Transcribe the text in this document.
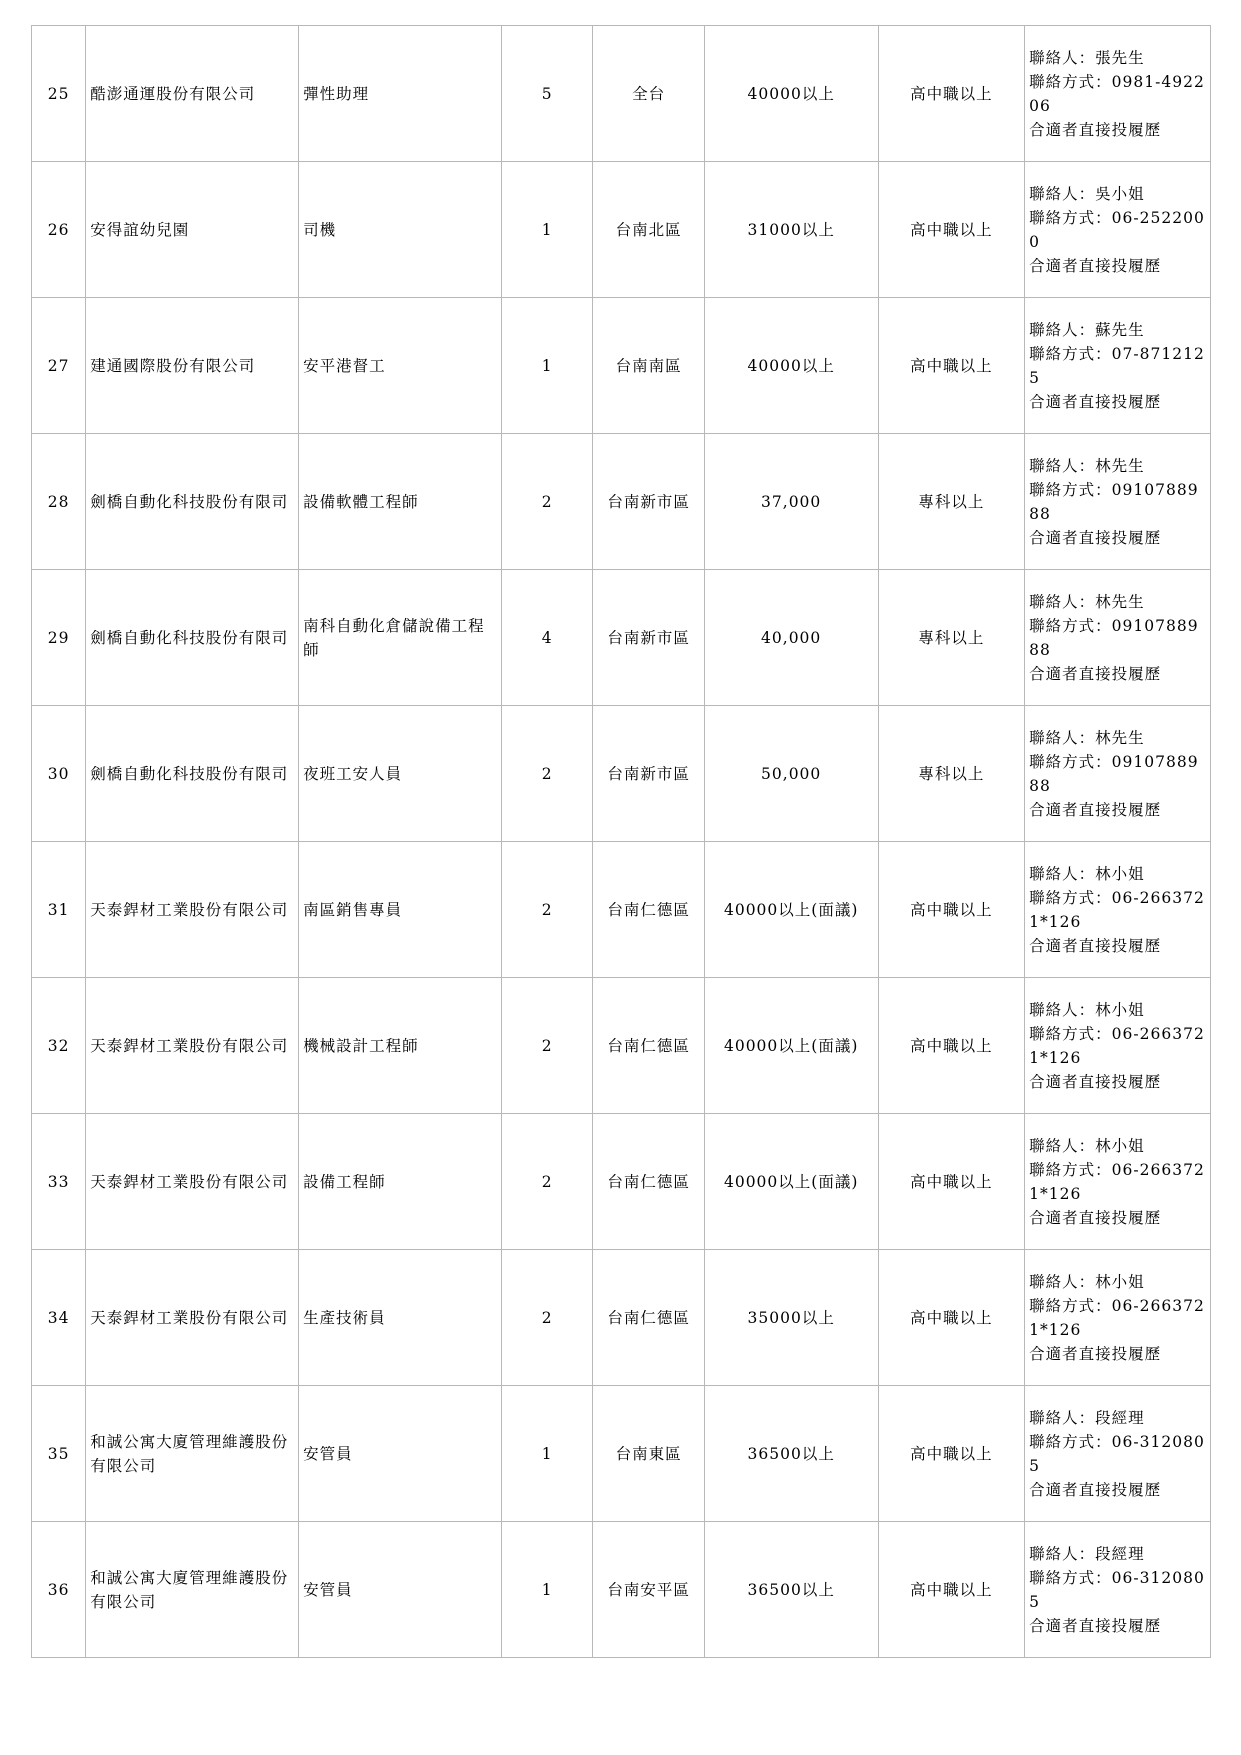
25	酷澎通運股份有限公司	彈性助理	5	全台	40000以上	高中職以上	聯絡人：張先生
聯絡方式：0981-492206
合適者直接投履歷

26	安得誼幼兒園	司機	1	台南北區	31000以上	高中職以上	聯絡人：吳小姐
聯絡方式：06-2522000
合適者直接投履歷

27	建通國際股份有限公司	安平港督工	1	台南南區	40000以上	高中職以上	聯絡人：蘇先生
聯絡方式：07-8712125
合適者直接投履歷

28	劍橋自動化科技股份有限司	設備軟體工程師	2	台南新市區	37,000	專科以上	聯絡人：林先生
聯絡方式：0910788988
合適者直接投履歷

29	劍橋自動化科技股份有限司	南科自動化倉儲說備工程師	4	台南新市區	40,000	專科以上	聯絡人：林先生
聯絡方式：0910788988
合適者直接投履歷

30	劍橋自動化科技股份有限司	夜班工安人員	2	台南新市區	50,000	專科以上	聯絡人：林先生
聯絡方式：0910788988
合適者直接投履歷

31	天泰銲材工業股份有限公司	南區銷售專員	2	台南仁德區	40000以上(面議)	高中職以上	聯絡人：林小姐
聯絡方式：06-2663721*126
合適者直接投履歷

32	天泰銲材工業股份有限公司	機械設計工程師	2	台南仁德區	40000以上(面議)	高中職以上	聯絡人：林小姐
聯絡方式：06-2663721*126
合適者直接投履歷

33	天泰銲材工業股份有限公司	設備工程師	2	台南仁德區	40000以上(面議)	高中職以上	聯絡人：林小姐
聯絡方式：06-2663721*126
合適者直接投履歷

34	天泰銲材工業股份有限公司	生產技術員	2	台南仁德區	35000以上	高中職以上	聯絡人：林小姐
聯絡方式：06-2663721*126
合適者直接投履歷

35	和誠公寓大廈管理維護股份有限公司	安管員	1	台南東區	36500以上	高中職以上	聯絡人：段經理
聯絡方式：06-3120805
合適者直接投履歷

36	和誠公寓大廈管理維護股份有限公司	安管員	1	台南安平區	36500以上	高中職以上	聯絡人：段經理
聯絡方式：06-3120805
合適者直接投履歷
